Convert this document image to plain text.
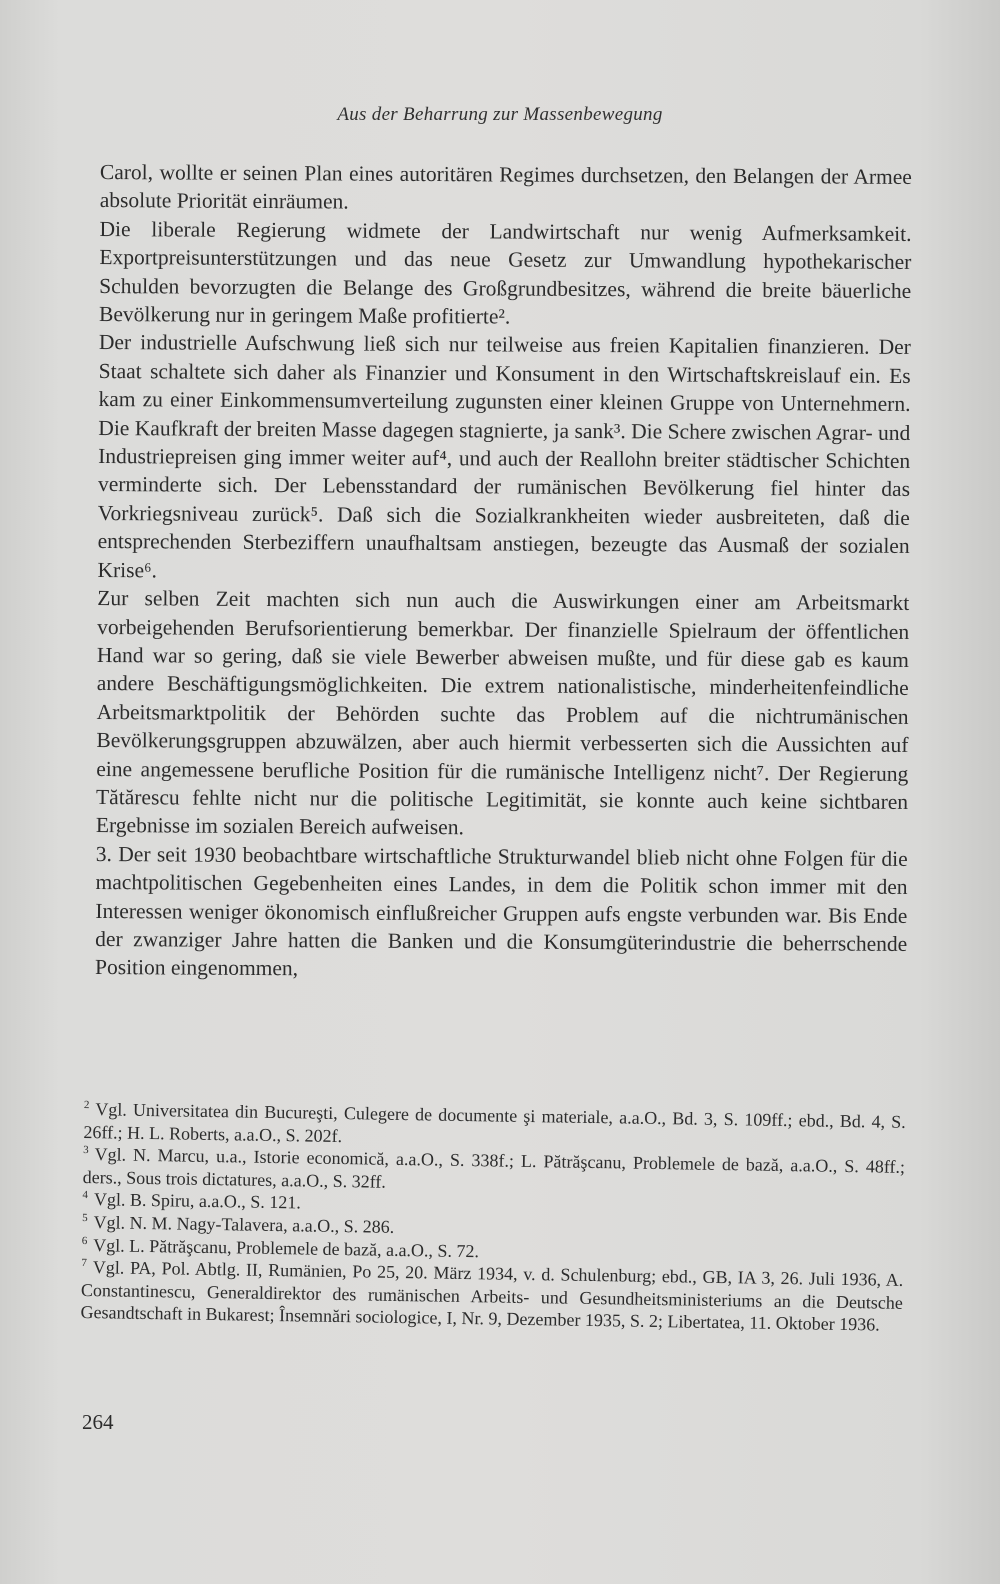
Aus der Beharrung zur Massenbewegung

Carol, wollte er seinen Plan eines autoritären Regimes durchsetzen, den Belangen der Armee absolute Priorität einräumen.

Die liberale Regierung widmete der Landwirtschaft nur wenig Aufmerksamkeit. Exportpreisunterstützungen und das neue Gesetz zur Umwandlung hypothekarischer Schulden bevorzugten die Belange des Großgrundbesitzes, während die breite bäuerliche Bevölkerung nur in geringem Maße profitierte².

Der industrielle Aufschwung ließ sich nur teilweise aus freien Kapitalien finanzieren. Der Staat schaltete sich daher als Finanzier und Konsument in den Wirtschaftskreislauf ein. Es kam zu einer Einkommensumverteilung zugunsten einer kleinen Gruppe von Unternehmern. Die Kaufkraft der breiten Masse dagegen stagnierte, ja sank³. Die Schere zwischen Agrar- und Industriepreisen ging immer weiter auf⁴, und auch der Reallohn breiter städtischer Schichten verminderte sich. Der Lebensstandard der rumänischen Bevölkerung fiel hinter das Vorkriegsniveau zurück⁵. Daß sich die Sozialkrankheiten wieder ausbreiteten, daß die entsprechenden Sterbeziffern unaufhaltsam anstiegen, bezeugte das Ausmaß der sozialen Krise⁶.

Zur selben Zeit machten sich nun auch die Auswirkungen einer am Arbeitsmarkt vorbeigehenden Berufsorientierung bemerkbar. Der finanzielle Spielraum der öffentlichen Hand war so gering, daß sie viele Bewerber abweisen mußte, und für diese gab es kaum andere Beschäftigungsmöglichkeiten. Die extrem nationalistische, minderheitenfeindliche Arbeitsmarktpolitik der Behörden suchte das Problem auf die nichtrumänischen Bevölkerungsgruppen abzuwälzen, aber auch hiermit verbesserten sich die Aussichten auf eine angemessene berufliche Position für die rumänische Intelligenz nicht⁷. Der Regierung Tătărescu fehlte nicht nur die politische Legitimität, sie konnte auch keine sichtbaren Ergebnisse im sozialen Bereich aufweisen.

3. Der seit 1930 beobachtbare wirtschaftliche Strukturwandel blieb nicht ohne Folgen für die machtpolitischen Gegebenheiten eines Landes, in dem die Politik schon immer mit den Interessen weniger ökonomisch einflußreicher Gruppen aufs engste verbunden war. Bis Ende der zwanziger Jahre hatten die Banken und die Konsumgüterindustrie die beherrschende Position eingenommen,

$^2$ Vgl. Universitatea din Bucureşti, Culegere de documente şi materiale, a.a.O., Bd. 3, S. 109ff.; ebd., Bd. 4, S. 26ff.; H. L. Roberts, a.a.O., S. 202f.

$^3$ Vgl. N. Marcu, u.a., Istorie economică, a.a.O., S. 338f.; L. Pătrăşcanu, Problemele de bază, a.a.O., S. 48ff.; ders., Sous trois dictatures, a.a.O., S. 32ff.

$^4$ Vgl. B. Spiru, a.a.O., S. 121.

$^5$ Vgl. N. M. Nagy-Talavera, a.a.O., S. 286.

$^6$ Vgl. L. Pătrăşcanu, Problemele de bază, a.a.O., S. 72.

$^7$ Vgl. PA, Pol. Abtlg. II, Rumänien, Po 25, 20. März 1934, v. d. Schulenburg; ebd., GB, IA 3, 26. Juli 1936, A. Constantinescu, Generaldirektor des rumänischen Arbeits- und Gesundheitsministeriums an die Deutsche Gesandtschaft in Bukarest; Însemnări sociologice, I, Nr. 9, Dezember 1935, S. 2; Libertatea, 11. Oktober 1936.

264
